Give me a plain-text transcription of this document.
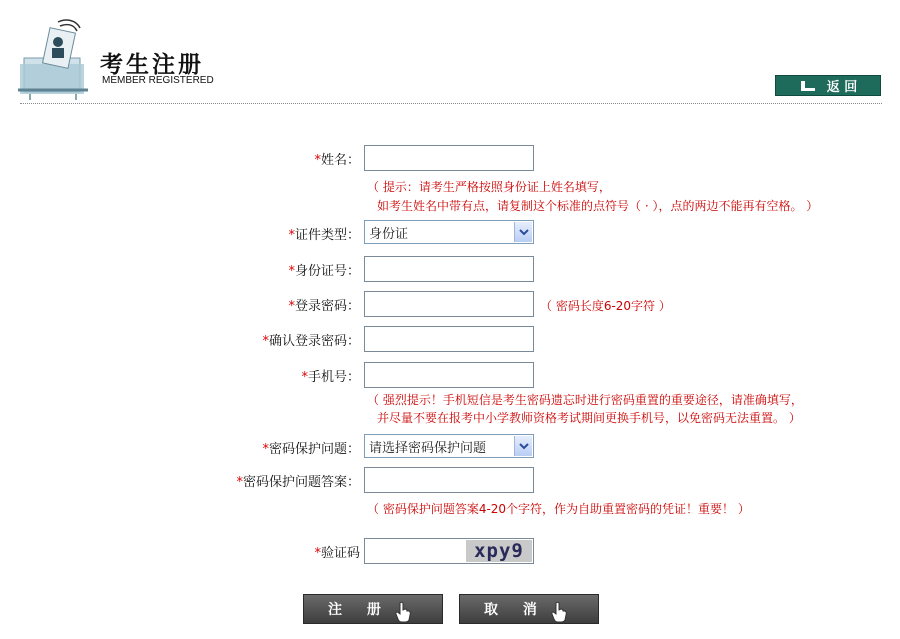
考生注册
MEMBER REGISTERED	返 回
*姓名：
（ 提示：请考生严格按照身份证上姓名填写，
如考生姓名中带有点，请复制这个标准的点符号（ · ），点的两边不能再有空格。 ）
*证件类型： 身份证
*身份证号：
*登录密码：	（ 密码长度6-20字符 ）
*确认登录密码：
*手机号：
（ 强烈提示！手机短信是考生密码遗忘时进行密码重置的重要途径，请准确填写，
并尽量不要在报考中小学教师资格考试期间更换手机号，以免密码无法重置。 ）
*密码保护问题： 请选择密码保护问题
*密码保护问题答案：
（ 密码保护问题答案4-20个字符，作为自助重置密码的凭证！重要！ ）
*验证码	xpy9
注 册	取 消
